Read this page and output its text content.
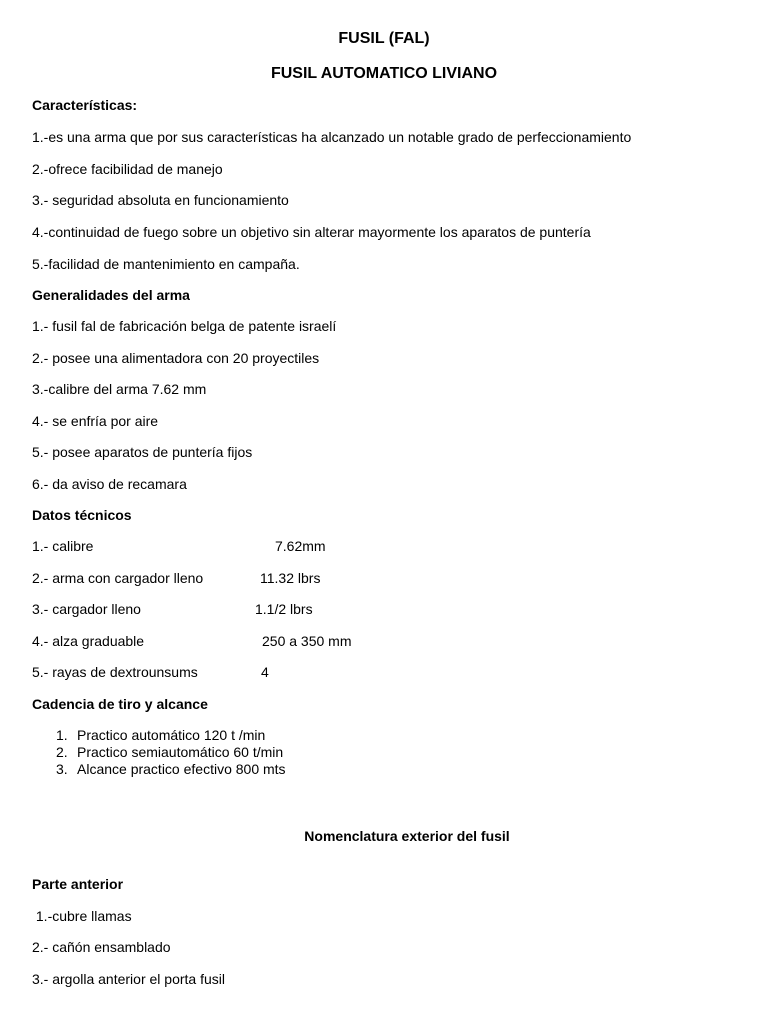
FUSIL (FAL)
FUSIL AUTOMATICO LIVIANO
Características:
1.-es una arma que por sus características ha alcanzado un notable grado de perfeccionamiento
2.-ofrece facibilidad de manejo
3.- seguridad absoluta en funcionamiento
4.-continuidad de fuego sobre un objetivo sin alterar mayormente los aparatos de puntería
5.-facilidad de mantenimiento en campaña.
Generalidades del arma
1.- fusil fal de fabricación belga de patente israelí
2.- posee una alimentadora con 20 proyectiles
3.-calibre del arma 7.62 mm
4.- se enfría por aire
5.- posee aparatos de puntería fijos
6.- da aviso de recamara
Datos técnicos
1.- calibre	7.62mm
2.- arma con cargador lleno	11.32 lbrs
3.- cargador lleno	1.1/2 lbrs
4.- alza graduable	250 a 350 mm
5.- rayas de dextrounsums	4
Cadencia de tiro y alcance
1. Practico automático 120 t /min
2. Practico semiautomático 60 t/min
3. Alcance practico efectivo 800 mts
Nomenclatura exterior del fusil
Parte anterior
1.-cubre llamas
2.- cañón ensamblado
3.- argolla anterior el porta fusil
